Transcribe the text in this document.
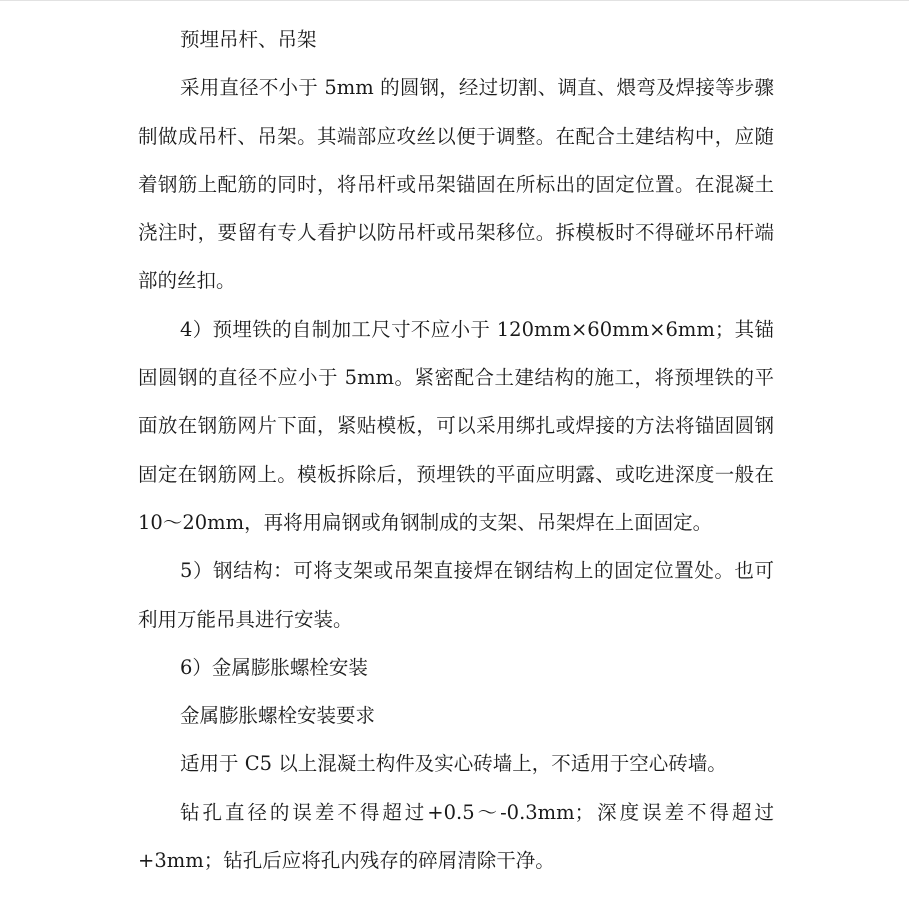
预埋吊杆、吊架

采用直径不小于 5mm 的圆钢，经过切割、调直、煨弯及焊接等步骤制做成吊杆、吊架。其端部应攻丝以便于调整。在配合土建结构中，应随着钢筋上配筋的同时，将吊杆或吊架锚固在所标出的固定位置。在混凝土浇注时，要留有专人看护以防吊杆或吊架移位。拆模板时不得碰坏吊杆端部的丝扣。

4）预埋铁的自制加工尺寸不应小于 120mm×60mm×6mm；其锚固圆钢的直径不应小于 5mm。紧密配合土建结构的施工，将预埋铁的平面放在钢筋网片下面，紧贴模板，可以采用绑扎或焊接的方法将锚固圆钢固定在钢筋网上。模板拆除后，预埋铁的平面应明露、或吃进深度一般在 10～20mm，再将用扁钢或角钢制成的支架、吊架焊在上面固定。

5）钢结构：可将支架或吊架直接焊在钢结构上的固定位置处。也可利用万能吊具进行安装。

6）金属膨胀螺栓安装

金属膨胀螺栓安装要求

适用于 C5 以上混凝土构件及实心砖墙上，不适用于空心砖墙。

钻孔直径的误差不得超过+0.5～-0.3mm；深度误差不得超过+3mm；钻孔后应将孔内残存的碎屑清除干净。
